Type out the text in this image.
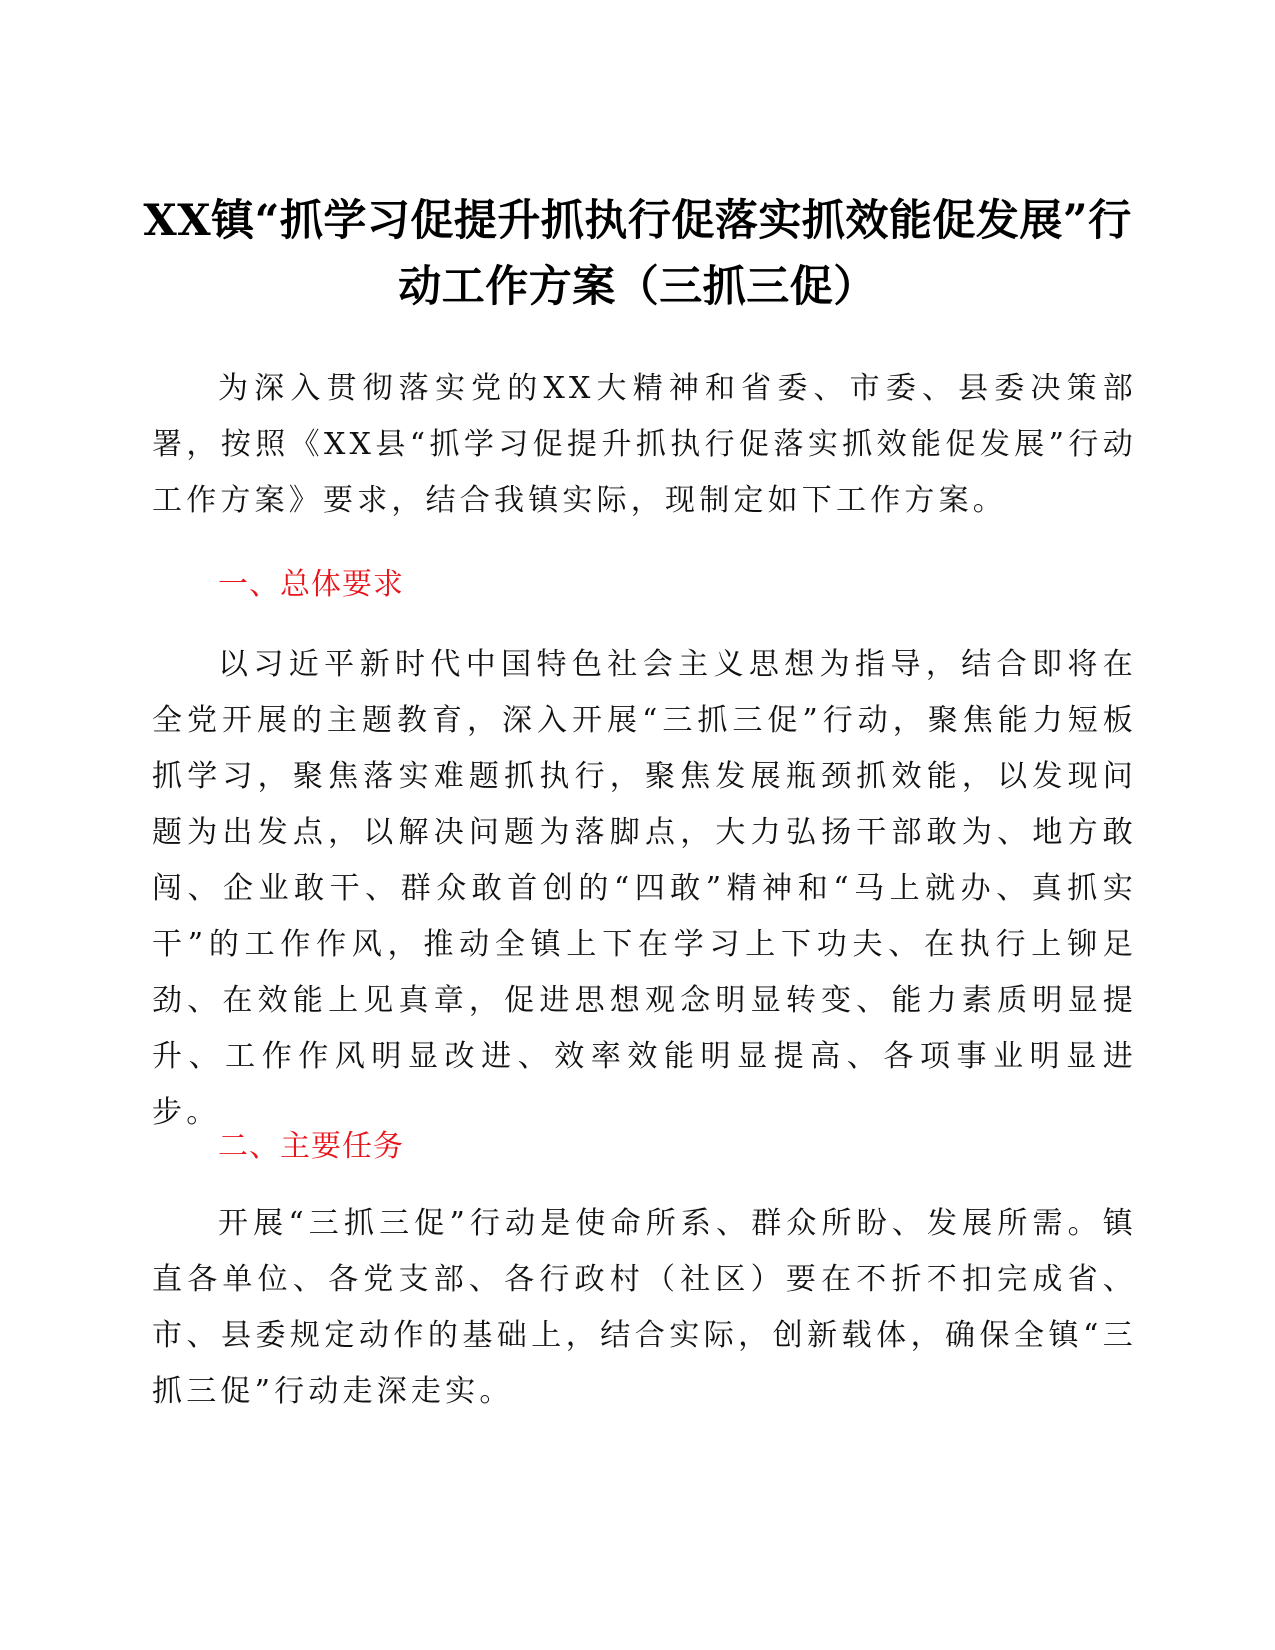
XX镇“抓学习促提升抓执行促落实抓效能促发展”行动工作方案（三抓三促）

为深入贯彻落实党的XX大精神和省委、市委、县委决策部署，按照《XX县“抓学习促提升抓执行促落实抓效能促发展”行动工作方案》要求，结合我镇实际，现制定如下工作方案。

一、总体要求

以习近平新时代中国特色社会主义思想为指导，结合即将在全党开展的主题教育，深入开展“三抓三促”行动，聚焦能力短板抓学习，聚焦落实难题抓执行，聚焦发展瓶颈抓效能，以发现问题为出发点，以解决问题为落脚点，大力弘扬干部敢为、地方敢闯、企业敢干、群众敢首创的“四敢”精神和“马上就办、真抓实干”的工作作风，推动全镇上下在学习上下功夫、在执行上铆足劲、在效能上见真章，促进思想观念明显转变、能力素质明显提升、工作作风明显改进、效率效能明显提高、各项事业明显进步。

二、主要任务

开展“三抓三促”行动是使命所系、群众所盼、发展所需。镇直各单位、各党支部、各行政村（社区）要在不折不扣完成省、市、县委规定动作的基础上，结合实际，创新载体，确保全镇“三抓三促”行动走深走实。
